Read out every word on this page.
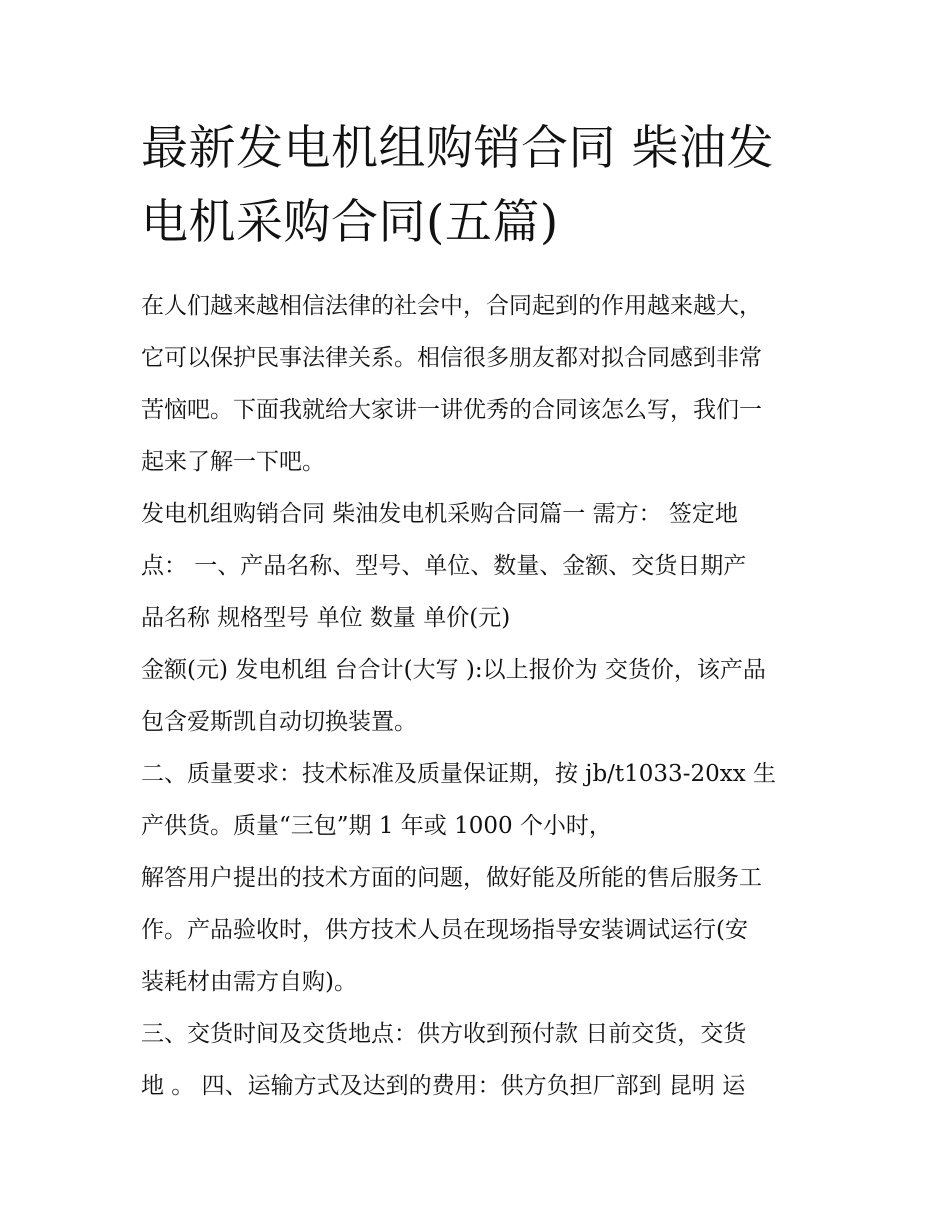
最新发电机组购销合同 柴油发
电机采购合同(五篇)
在人们越来越相信法律的社会中，合同起到的作用越来越大，
它可以保护民事法律关系。相信很多朋友都对拟合同感到非常
苦恼吧。下面我就给大家讲一讲优秀的合同该怎么写，我们一
起来了解一下吧。
发电机组购销合同 柴油发电机采购合同篇一 需方： 签定地
点： 一、产品名称、型号、单位、数量、金额、交货日期产
品名称 规格型号 单位 数量 单价(元)
金额(元) 发电机组 台合计(大写 ):以上报价为 交货价，该产品
包含爱斯凯自动切换装置。
二、质量要求：技术标准及质量保证期，按 jb/t1033-20xx 生
产供货。质量“三包”期 1 年或 1000 个小时，
解答用户提出的技术方面的问题，做好能及所能的售后服务工
作。产品验收时，供方技术人员在现场指导安装调试运行(安
装耗材由需方自购)。
三、交货时间及交货地点：供方收到预付款 日前交货，交货
地 。 四、运输方式及达到的费用：供方负担厂部到 昆明 运
